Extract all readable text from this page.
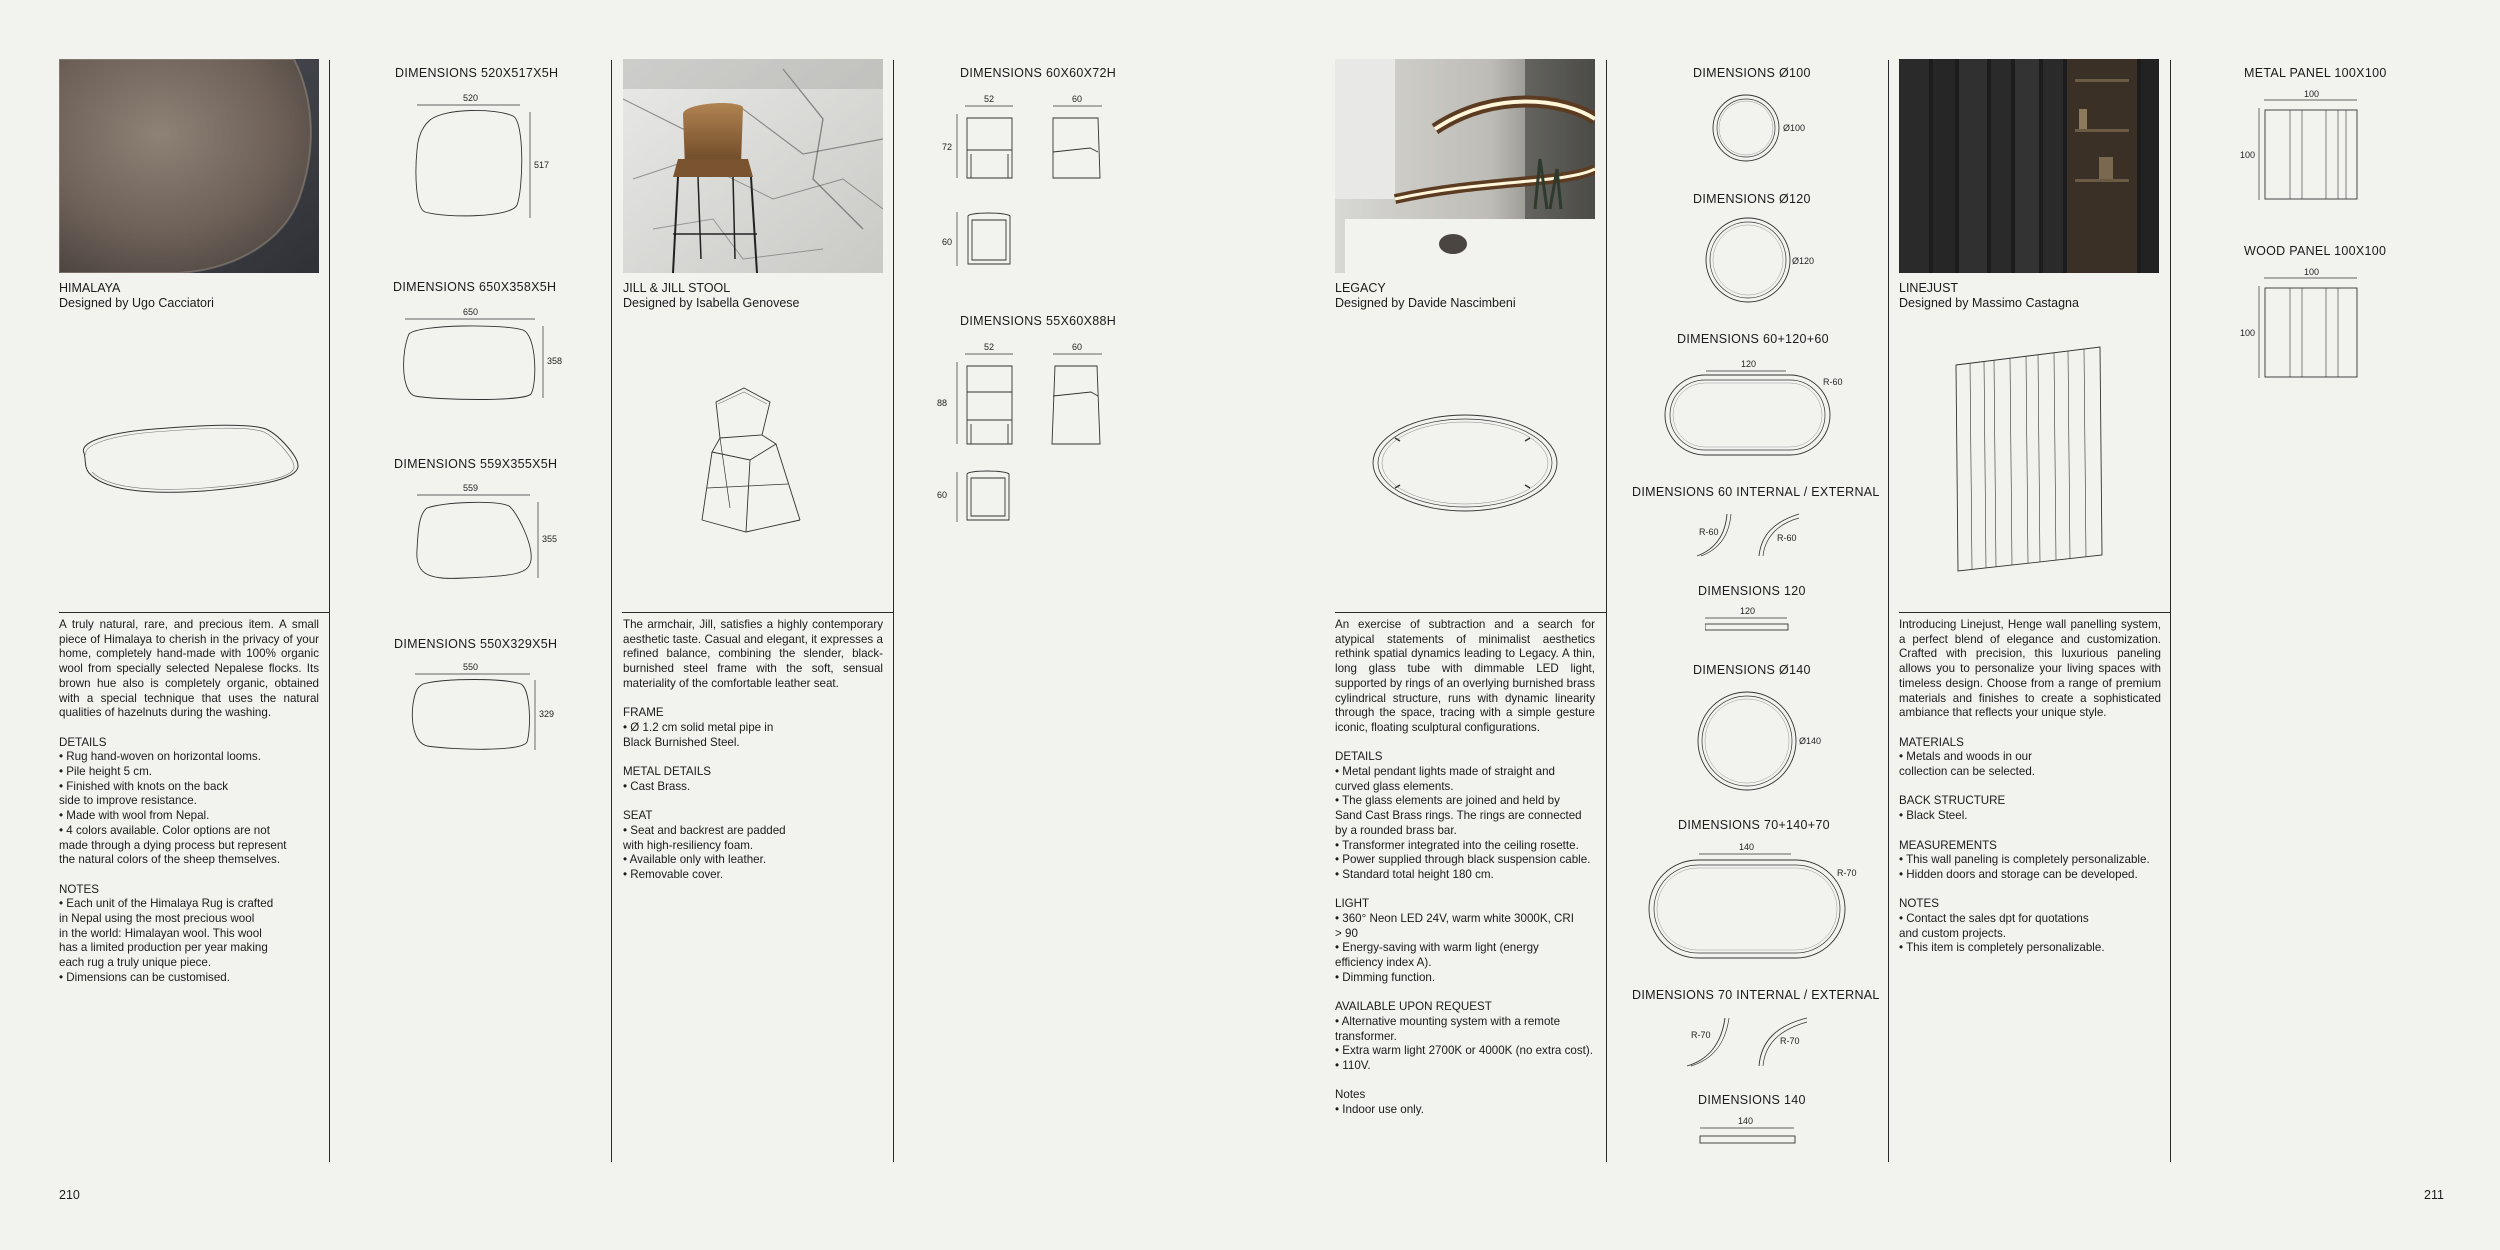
HIMALAYA
Designed by Ugo Cacciatori

A truly natural, rare, and precious item. A small piece of Himalaya to cherish in the privacy of your home, completely hand-made with 100% organic wool from specially selected Nepalese flocks. Its brown hue also is completely organic, obtained with a special technique that uses the natural qualities of hazelnuts during the washing.

DETAILS
• Rug hand-woven on horizontal looms.
• Pile height 5 cm.
• Finished with knots on the back
side to improve resistance.
• Made with wool from Nepal.
• 4 colors available. Color options are not
made through a dying process but represent
the natural colors of the sheep themselves.
NOTES
• Each unit of the Himalaya Rug is crafted
in Nepal using the most precious wool
in the world: Himalayan wool. This wool
has a limited production per year making
each rug a truly unique piece.
• Dimensions can be customised.
DIMENSIONS 520X517X5H
520
517
DIMENSIONS 650X358X5H
650
358
DIMENSIONS 559X355X5H
559
355
DIMENSIONS 550X329X5H
550
329
JILL & JILL STOOL
Designed by Isabella Genovese

The armchair, Jill, satisfies a highly contemporary aesthetic taste. Casual and elegant, it expresses a refined balance, combining the slender, black-burnished steel frame with the soft, sensual materiality of the comfortable leather seat.

FRAME
• Ø 1.2 cm solid metal pipe in
Black Burnished Steel.
METAL DETAILS
• Cast Brass.
SEAT
• Seat and backrest are padded
with high-resiliency foam.
• Available only with leather.
• Removable cover.
DIMENSIONS 60X60X72H
52	60
72
60
DIMENSIONS 55X60X88H
52	60
88
60
LEGACY
Designed by Davide Nascimbeni

An exercise of subtraction and a search for atypical statements of minimalist aesthetics rethink spatial dynamics leading to Legacy. A thin, long glass tube with dimmable LED light, supported by rings of an overlying burnished brass cylindrical structure, runs with dynamic linearity through the space, tracing with a simple gesture iconic, floating sculptural configurations.

DETAILS
• Metal pendant lights made of straight and
curved glass elements.
• The glass elements are joined and held by
Sand Cast Brass rings. The rings are connected
by a rounded brass bar.
• Transformer integrated into the ceiling rosette.
• Power supplied through black suspension cable.
• Standard total height 180 cm.
LIGHT
• 360° Neon LED 24V, warm white 3000K, CRI
> 90
• Energy-saving with warm light (energy
efficiency index A).
• Dimming function.
AVAILABLE UPON REQUEST
• Alternative mounting system with a remote
transformer.
• Extra warm light 2700K or 4000K (no extra cost).
• 110V.
Notes
• Indoor use only.
DIMENSIONS Ø100
Ø100
DIMENSIONS Ø120
Ø120
DIMENSIONS 60+120+60
120
R-60
DIMENSIONS 60 INTERNAL / EXTERNAL
R-60
R-60
DIMENSIONS 120
120
DIMENSIONS Ø140
Ø140
DIMENSIONS 70+140+70
140
R-70
DIMENSIONS 70 INTERNAL / EXTERNAL
R-70
R-70
DIMENSIONS 140
140
LINEJUST
Designed by Massimo Castagna

Introducing Linejust, Henge wall panelling system, a perfect blend of elegance and customization. Crafted with precision, this luxurious paneling allows you to personalize your living spaces with timeless design. Choose from a range of premium materials and finishes to create a sophisticated ambiance that reflects your unique style.

MATERIALS
• Metals and woods in our
collection can be selected.
BACK STRUCTURE
• Black Steel.
MEASUREMENTS
• This wall paneling is completely personalizable.
• Hidden doors and storage can be developed.
NOTES
• Contact the sales dpt for quotations
and custom projects.
• This item is completely personalizable.
METAL PANEL 100X100
100
100
WOOD PANEL 100X100
100
100
210	211
